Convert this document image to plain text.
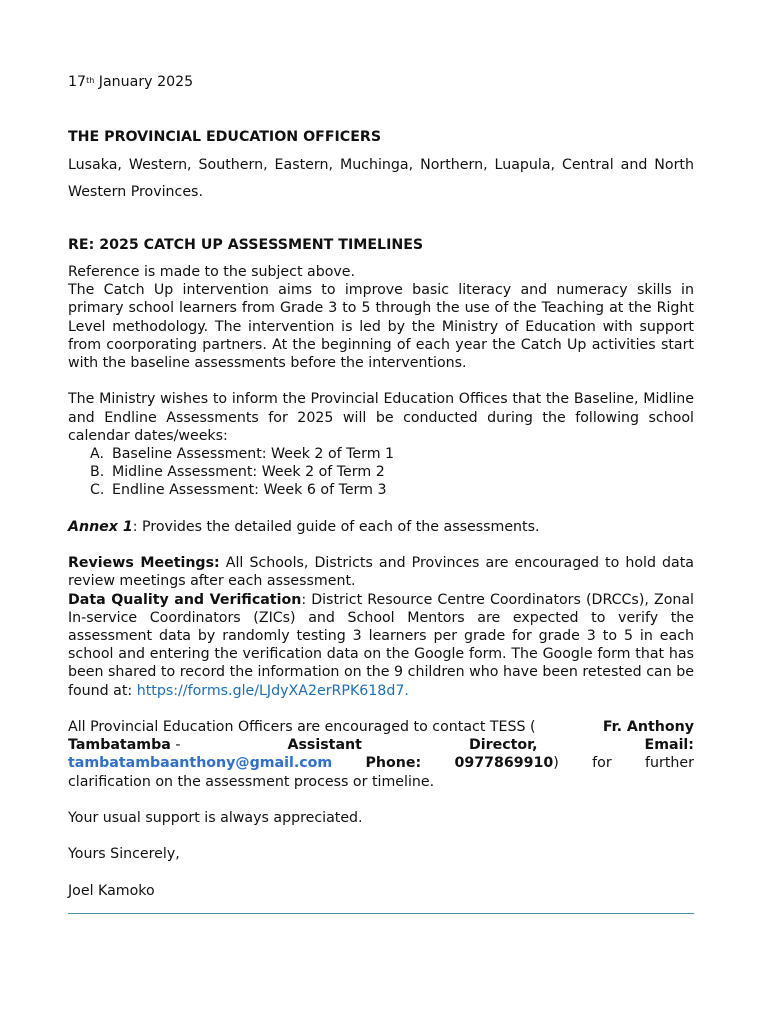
17th January 2025
THE PROVINCIAL EDUCATION OFFICERS
Lusaka, Western, Southern, Eastern, Muchinga, Northern, Luapula, Central and North Western Provinces.
RE: 2025 CATCH UP ASSESSMENT TIMELINES

Reference is made to the subject above.

The Catch Up intervention aims to improve basic literacy and numeracy skills in primary school learners from Grade 3 to 5 through the use of the Teaching at the Right Level methodology. The intervention is led by the Ministry of Education with support from coorporating partners. At the beginning of each year the Catch Up activities start with the baseline assessments before the interventions.

The Ministry wishes to inform the Provincial Education Offices that the Baseline, Midline and Endline Assessments for 2025 will be conducted during the following school calendar dates/weeks:

A. Baseline Assessment: Week 2 of Term 1
B. Midline Assessment: Week 2 of Term 2
C. Endline Assessment: Week 6 of Term 3

Annex 1: Provides the detailed guide of each of the assessments.

Reviews Meetings: All Schools, Districts and Provinces are encouraged to hold data review meetings after each assessment.

Data Quality and Verification: District Resource Centre Coordinators (DRCCs), Zonal In-service Coordinators (ZICs) and School Mentors are expected to verify the assessment data by randomly testing 3 learners per grade for grade 3 to 5 in each school and entering the verification data on the Google form. The Google form that has been shared to record the information on the 9 children who have been retested can be found at: https://forms.gle/LJdyXA2erRPK618d7.

All Provincial Education Officers are encouraged to contact TESS (	Fr. Anthony
Tambatamba -	Assistant	Director,	Email:
tambatambaanthony@gmail.com Phone: 0977869910) for further
clarification on the assessment process or timeline.

Your usual support is always appreciated.

Yours Sincerely,

Joel Kamoko
